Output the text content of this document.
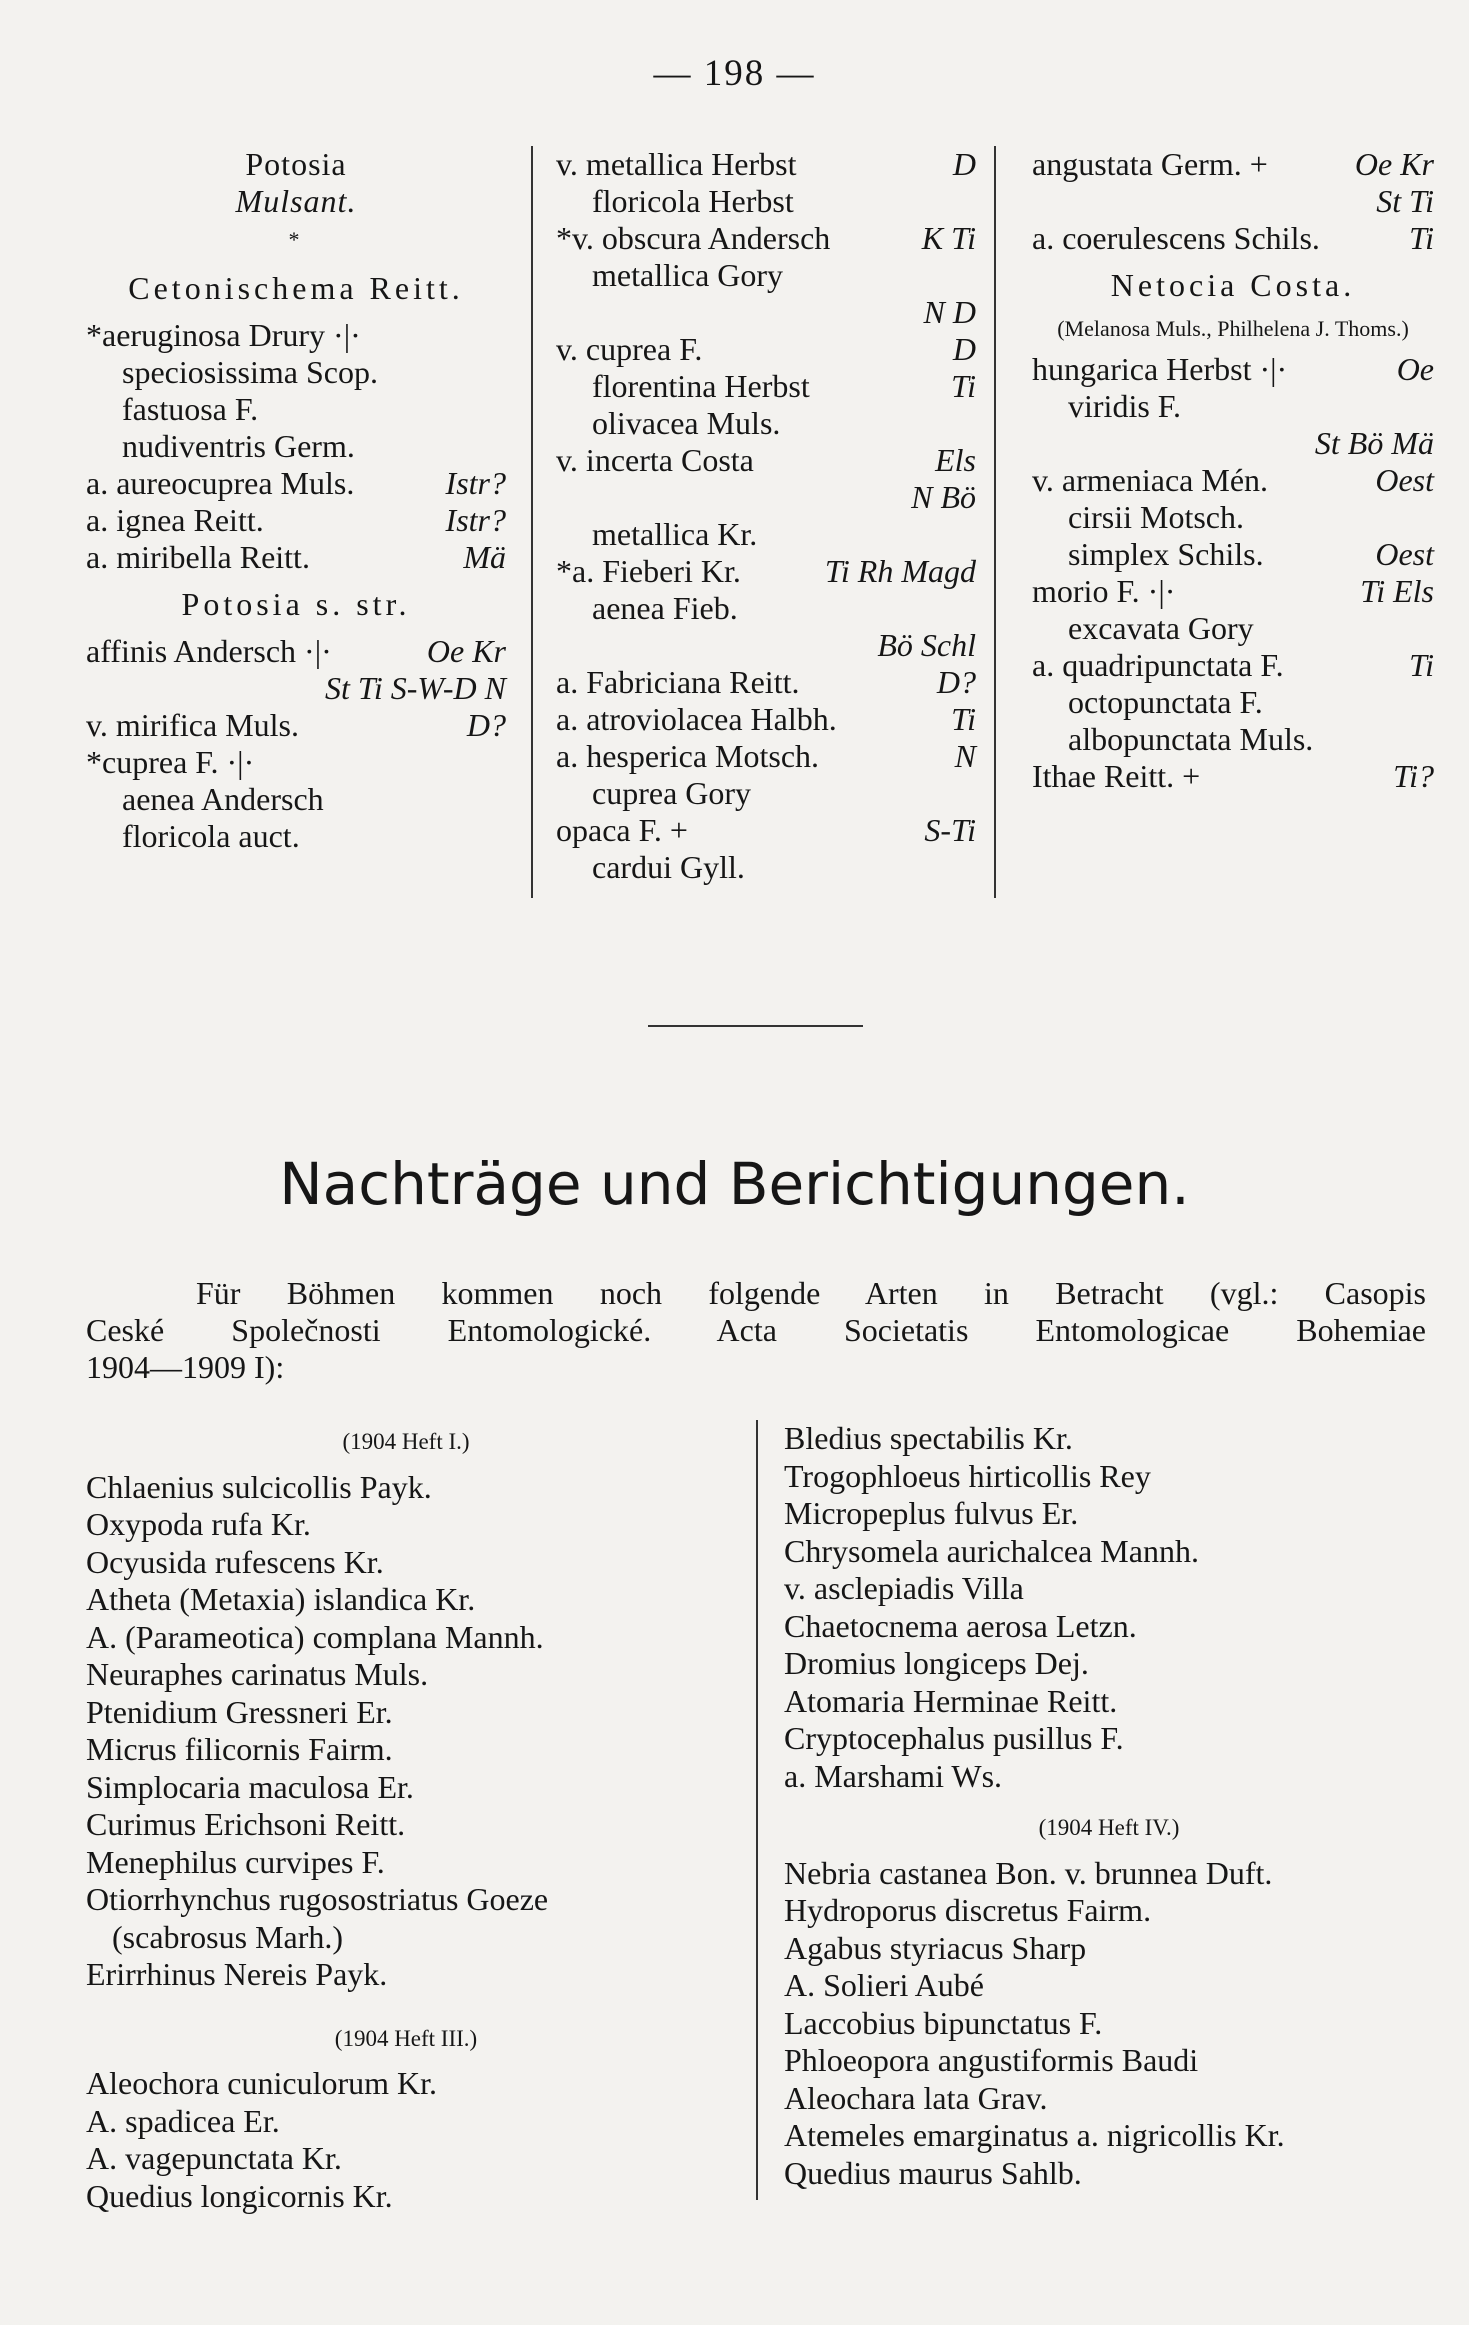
— 198 —
Potosia
Mulsant.
*
Cetonischema Reitt.
*aeruginosa Drury ·|·
speciosissima Scop.
fastuosa F.
nudiventris Germ.
a. aureocuprea Muls.	Istr?
a. ignea Reitt.	Istr?
a. miribella Reitt.	Mä
Potosia s. str.
affinis Andersch ·|·	Oe Kr
St Ti S-W-D N
v. mirifica Muls.	D?
*cuprea F. ·|·
aenea Andersch
floricola auct.
v. metallica Herbst	D
floricola Herbst
*v. obscura Andersch	K Ti
metallica Gory
N D
v. cuprea F.	D
florentina Herbst	Ti
olivacea Muls.
v. incerta Costa	Els
N Bö
metallica Kr.
*a. Fieberi Kr.	Ti Rh Magd
aenea Fieb.
Bö Schl
a. Fabriciana Reitt.	D?
a. atroviolacea Halbh.	Ti
a. hesperica Motsch.	N
cuprea Gory
opaca F. +	S-Ti
cardui Gyll.
angustata Germ. +	Oe Kr
St Ti
a. coerulescens Schils.	Ti
Netocia Costa.
(Melanosa Muls., Philhelena J. Thoms.)
hungarica Herbst ·|·	Oe
viridis F.
St Bö Mä
v. armeniaca Mén.	Oest
cirsii Motsch.
simplex Schils.	Oest
morio F. ·|·	Ti Els
excavata Gory
a. quadripunctata F.	Ti
octopunctata F.
albopunctata Muls.
Ithae Reitt. +	Ti?
Nachträge und Berichtigungen.
Für Böhmen kommen noch folgende Arten in Betracht (vgl.: Casopis
Ceské Společnosti Entomologické. Acta Societatis Entomologicae Bohemiae
1904—1909 I):
(1904 Heft I.)
Chlaenius sulcicollis Payk.
Oxypoda rufa Kr.
Ocyusida rufescens Kr.
Atheta (Metaxia) islandica Kr.
A. (Parameotica) complana Mannh.
Neuraphes carinatus Muls.
Ptenidium Gressneri Er.
Micrus filicornis Fairm.
Simplocaria maculosa Er.
Curimus Erichsoni Reitt.
Menephilus curvipes F.
Otiorrhynchus rugosostriatus Goeze
(scabrosus Marh.)
Erirrhinus Nereis Payk.
(1904 Heft III.)
Aleochora cuniculorum Kr.
A. spadicea Er.
A. vagepunctata Kr.
Quedius longicornis Kr.
Bledius spectabilis Kr.
Trogophloeus hirticollis Rey
Micropeplus fulvus Er.
Chrysomela aurichalcea Mannh.
v. asclepiadis Villa
Chaetocnema aerosa Letzn.
Dromius longiceps Dej.
Atomaria Herminae Reitt.
Cryptocephalus pusillus F.
a. Marshami Ws.
(1904 Heft IV.)
Nebria castanea Bon. v. brunnea Duft.
Hydroporus discretus Fairm.
Agabus styriacus Sharp
A. Solieri Aubé
Laccobius bipunctatus F.
Phloeopora angustiformis Baudi
Aleochara lata Grav.
Atemeles emarginatus a. nigricollis Kr.
Quedius maurus Sahlb.
